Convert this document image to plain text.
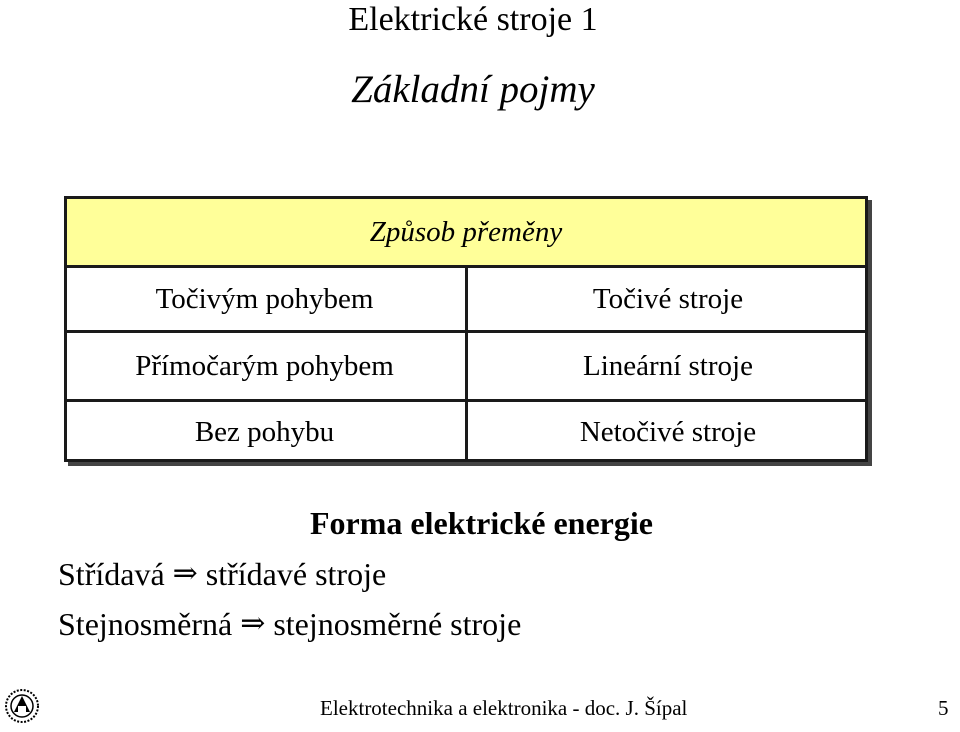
Elektrické stroje 1
Základní pojmy
Způsob přeměny
Točivým pohybem	Točivé stroje
Přímočarým pohybem	Lineární stroje
Bez pohybu	Netočivé stroje
Forma elektrické energie
Střídavá ⇒ střídavé stroje
Stejnosměrná ⇒ stejnosměrné stroje
Elektrotechnika a elektronika - doc. J. Šípal	5
